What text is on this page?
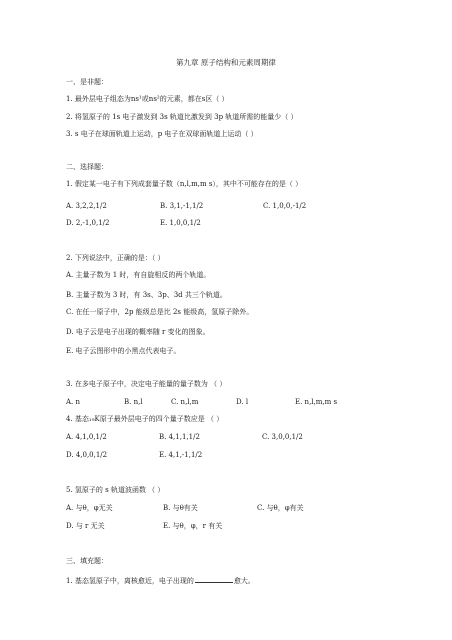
第九章 原子结构和元素周期律
一、是非题：
1. 最外层电子组态为ns¹或ns²的元素，都在s区（ ）
2. 将氢原子的 1s 电子激发到 3s 轨道比激发到 3p 轨道所需的能量少（ ）
3. s 电子在球面轨道上运动，p 电子在双球面轨道上运动（ ）
二、选择题：
1. 假定某一电子有下列成套量子数（n,l,m,m s），其中不可能存在的是（ ）
A. 3,2,2,1/2	B. 3,1,-1,1/2	C. 1,0,0,-1/2
D. 2,-1,0,1/2	E. 1,0,0,1/2
2. 下列说法中，正确的是：（ ）
A. 主量子数为 1 时，有自旋相反的两个轨道。
B. 主量子数为 3 时，有 3s、3p、3d 共三个轨道。
C. 在任一原子中，2p 能级总是比 2s 能级高，氢原子除外。
D. 电子云是电子出现的概率随 r 变化的图象。
E. 电子云图形中的小黑点代表电子。
3. 在多电子原子中，决定电子能量的量子数为 （ ）
A. n	B. n,l	C. n,l,m	D. l	E. n,l,m,m s
4. 基态₁₉K原子最外层电子的四个量子数应是 （ ）
A. 4,1,0,1/2	B. 4,1,1,1/2	C. 3,0,0,1/2
D. 4,0,0,1/2	E. 4,1,-1,1/2
5. 氢原子的 s 轨道波函数 （ ）
A. 与θ，φ无关	B. 与θ有关	C. 与θ，φ有关
D. 与 r 无关	E. 与θ，φ，r 有关
三、填充题：
1. 基态氢原子中，离核愈近，电子出现的	愈大。
